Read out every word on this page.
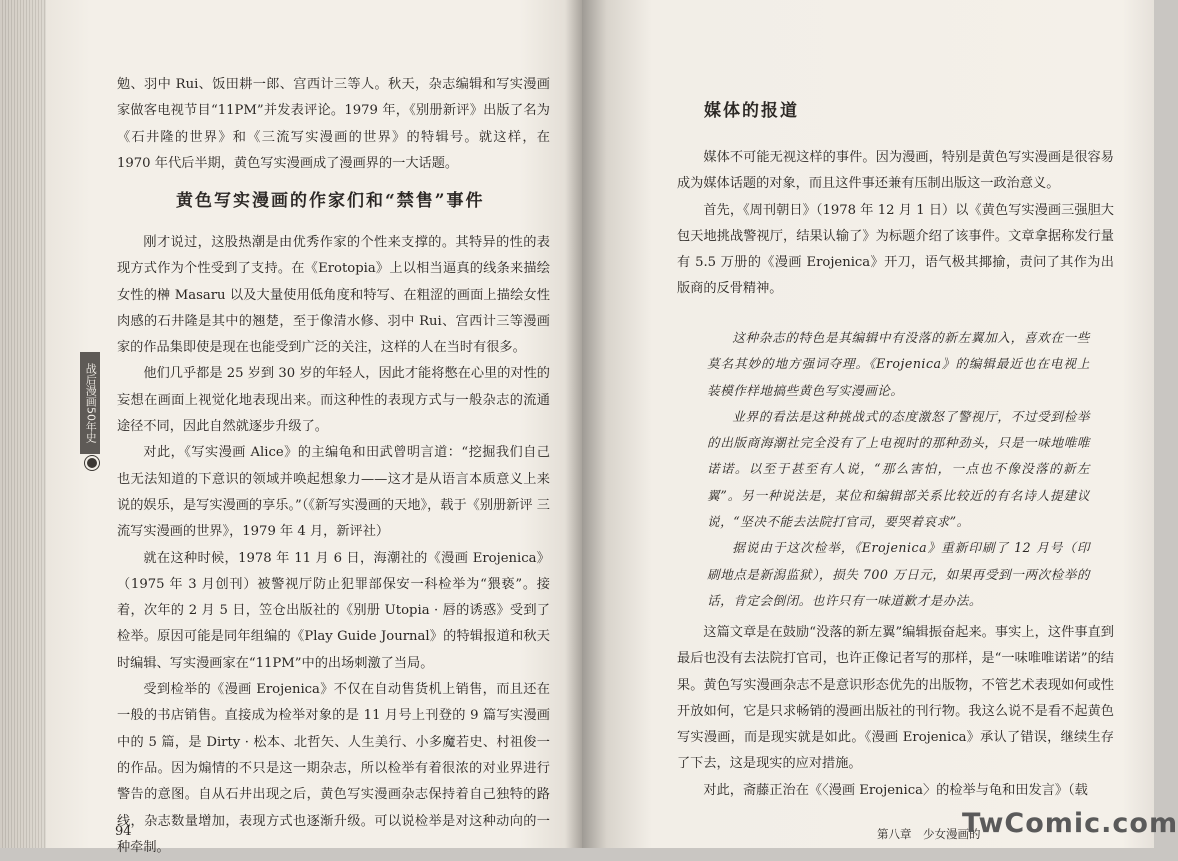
勉、羽中 Rui、饭田耕一郎、宫西计三等人。秋天，杂志编辑和写实漫画家做客电视节目“11PM”并发表评论。1979 年，《别册新评》出版了名为《石井隆的世界》和《三流写实漫画的世界》的特辑号。就这样，在 1970 年代后半期，黄色写实漫画成了漫画界的一大话题。

黄色写实漫画的作家们和“禁售”事件

刚才说过，这股热潮是由优秀作家的个性来支撑的。其特异的性的表现方式作为个性受到了支持。在《Erotopia》上以相当逼真的线条来描绘女性的榊 Masaru 以及大量使用低角度和特写、在粗涩的画面上描绘女性肉感的石井隆是其中的翘楚，至于像清水修、羽中 Rui、宫西计三等漫画家的作品集即使是现在也能受到广泛的关注，这样的人在当时有很多。

他们几乎都是 25 岁到 30 岁的年轻人，因此才能将憋在心里的对性的妄想在画面上视觉化地表现出来。而这种性的表现方式与一般杂志的流通途径不同，因此自然就逐步升级了。

对此，《写实漫画 Alice》的主编龟和田武曾明言道：“挖掘我们自己也无法知道的下意识的领域并唤起想象力——这才是从语言本质意义上来说的娱乐，是写实漫画的享乐。”（《新写实漫画的天地》，载于《别册新评 三流写实漫画的世界》，1979 年 4 月，新评社）

就在这种时候，1978 年 11 月 6 日，海潮社的《漫画 Erojenica》（1975 年 3 月创刊）被警视厅防止犯罪部保安一科检举为“猥亵”。接着，次年的 2 月 5 日，笠仓出版社的《别册 Utopia · 唇的诱惑》受到了检举。原因可能是同年组编的《Play Guide Journal》的特辑报道和秋天时编辑、写实漫画家在“11PM”中的出场刺激了当局。

受到检举的《漫画 Erojenica》不仅在自动售货机上销售，而且还在一般的书店销售。直接成为检举对象的是 11 月号上刊登的 9 篇写实漫画中的 5 篇，是 Dirty · 松本、北哲矢、人生美行、小多魔若史、村祖俊一的作品。因为煽情的不只是这一期杂志，所以检举有着很浓的对业界进行警告的意图。自从石井出现之后，黄色写实漫画杂志保持着自己独特的路线，杂志数量增加，表现方式也逐渐升级。可以说检举是对这种动向的一种牵制。

战后漫画50年史
94
媒体的报道

媒体不可能无视这样的事件。因为漫画，特别是黄色写实漫画是很容易成为媒体话题的对象，而且这件事还兼有压制出版这一政治意义。

首先，《周刊朝日》（1978 年 12 月 1 日）以《黄色写实漫画三强胆大包天地挑战警视厅，结果认输了》为标题介绍了该事件。文章拿据称发行量有 5.5 万册的《漫画 Erojenica》开刀，语气极其揶揄，责问了其作为出版商的反骨精神。

这种杂志的特色是其编辑中有没落的新左翼加入，喜欢在一些莫名其妙的地方强词夺理。《Erojenica》的编辑最近也在电视上装模作样地搞些黄色写实漫画论。

业界的看法是这种挑战式的态度激怒了警视厅，不过受到检举的出版商海潮社完全没有了上电视时的那种劲头，只是一味地唯唯诺诺。以至于甚至有人说，“那么害怕，一点也不像没落的新左翼”。另一种说法是，某位和编辑部关系比较近的有名诗人提建议说，“坚决不能去法院打官司，要哭着哀求”。

据说由于这次检举，《Erojenica》重新印刷了 12 月号（印刷地点是新潟监狱），损失 700 万日元，如果再受到一两次检举的话，肯定会倒闭。也许只有一味道歉才是办法。

这篇文章是在鼓励“没落的新左翼”编辑振奋起来。事实上，这件事直到最后也没有去法院打官司，也许正像记者写的那样，是“一味唯唯诺诺”的结果。黄色写实漫画杂志不是意识形态优先的出版物，不管艺术表现如何或性开放如何，它是只求畅销的漫画出版社的刊行物。我这么说不是看不起黄色写实漫画，而是现实就是如此。《漫画 Erojenica》承认了错误，继续生存了下去，这是现实的应对措施。

对此，斋藤正治在《〈漫画 Erojenica〉的检举与龟和田发言》（载

第八章　少女漫画的
TwComic.com
